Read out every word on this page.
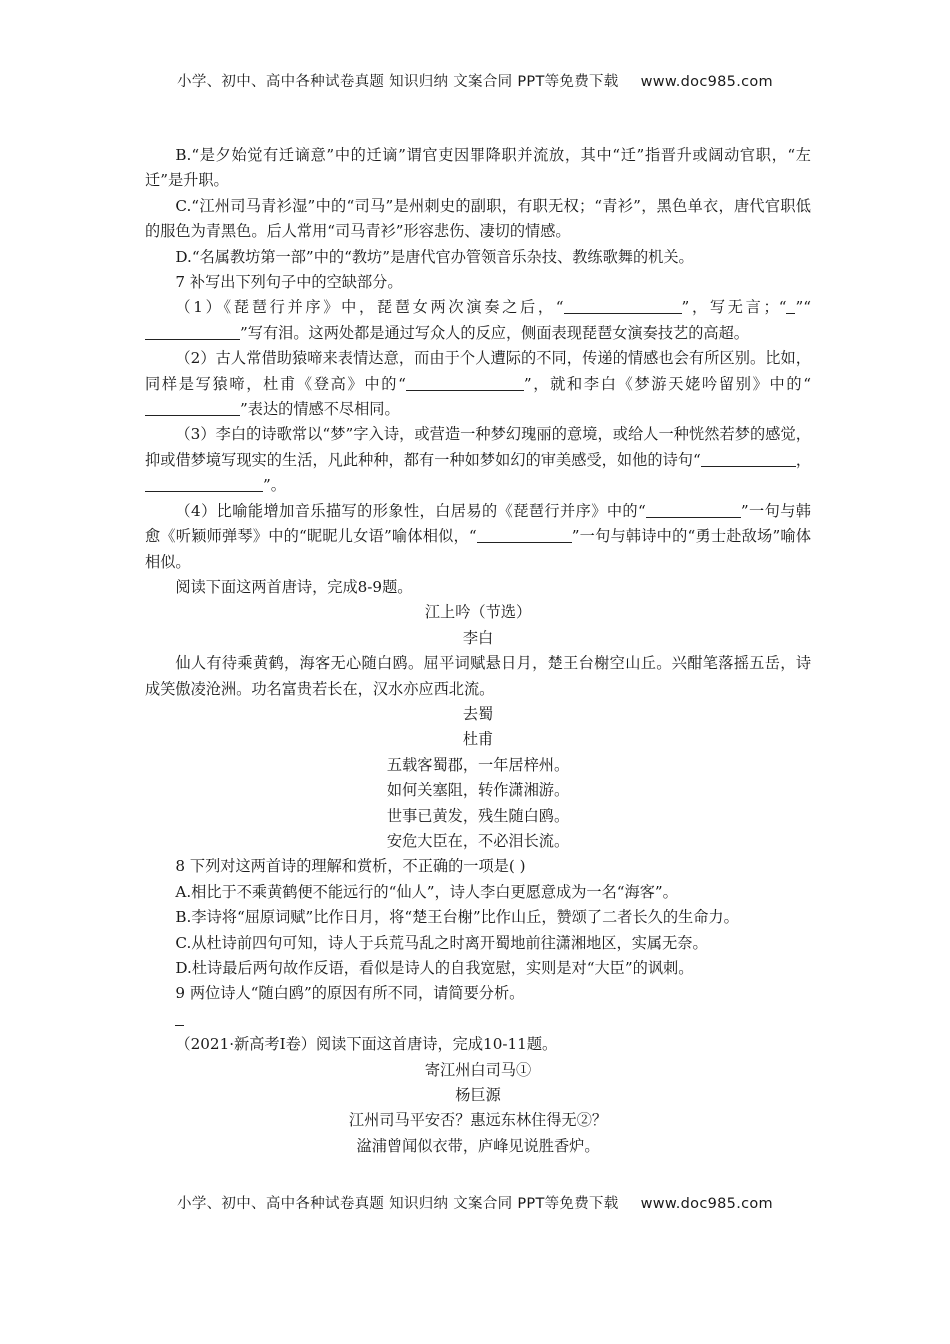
小学、初中、高中各种试卷真题 知识归纳 文案合同 PPT等免费下载 www.doc985.com

B.“是夕始觉有迁谪意”中的迁谪”谓官吏因罪降职并流放，其中“迁”指晋升或阔动官职，“左迁”是升职。

C.“江州司马青衫湿”中的“司马”是州刺史的副职，有职无权；“青衫”，黑色单衣，唐代官职低的服色为青黑色。后人常用“司马青衫”形容悲伤、凄切的情感。

D.“名属教坊第一部”中的“教坊”是唐代官办管领音乐杂技、教练歌舞的机关。

7 补写出下列句子中的空缺部分。

（1）《琵琶行并序》中，琵琶女两次演奏之后，“	”，写无言；“ ”“”写有泪。这两处都是通过写众人的反应，侧面表现琵琶女演奏技艺的高超。

（2）古人常借助猿啼来表情达意，而由于个人遭际的不同，传递的情感也会有所区别。比如，同样是写猿啼，杜甫《登高》中的“	”，就和李白《梦游天姥吟留别》中的“”表达的情感不尽相同。

（3）李白的诗歌常以“梦”字入诗，或营造一种梦幻瑰丽的意境，或给人一种恍然若梦的感觉，抑或借梦境写现实的生活，凡此种种，都有一种如梦如幻的审美感受，如他的诗句“	，”。

（4）比喻能增加音乐描写的形象性，白居易的《琵琶行并序》中的“	”一句与韩愈《听颖师弹琴》中的“昵昵儿女语”喻体相似，“	”一句与韩诗中的“勇士赴敌场”喻体相似。

阅读下面这两首唐诗，完成8-9题。

江上吟（节选）

李白

仙人有待乘黄鹤，海客无心随白鸥。屈平词赋悬日月，楚王台榭空山丘。兴酣笔落摇五岳，诗成笑傲凌沧洲。功名富贵若长在，汉水亦应西北流。

去蜀

杜甫

五载客蜀郡，一年居梓州。

如何关塞阻，转作潇湘游。

世事已黄发，残生随白鸥。

安危大臣在，不必泪长流。

8 下列对这两首诗的理解和赏析，不正确的一项是( )

A.相比于不乘黄鹤便不能远行的“仙人”，诗人李白更愿意成为一名“海客”。

B.李诗将“屈原词赋”比作日月，将“楚王台榭”比作山丘，赞颂了二者长久的生命力。

C.从杜诗前四句可知，诗人于兵荒马乱之时离开蜀地前往潇湘地区，实属无奈。

D.杜诗最后两句故作反语，看似是诗人的自我宽慰，实则是对“大臣”的讽刺。

9 两位诗人“随白鸥”的原因有所不同，请简要分析。

（2021·新高考Ⅰ卷）阅读下面这首唐诗，完成10-11题。

寄江州白司马①

杨巨源

江州司马平安否？惠远东林住得无②？

湓浦曾闻似衣带，庐峰见说胜香炉。

小学、初中、高中各种试卷真题 知识归纳 文案合同 PPT等免费下载 www.doc985.com
